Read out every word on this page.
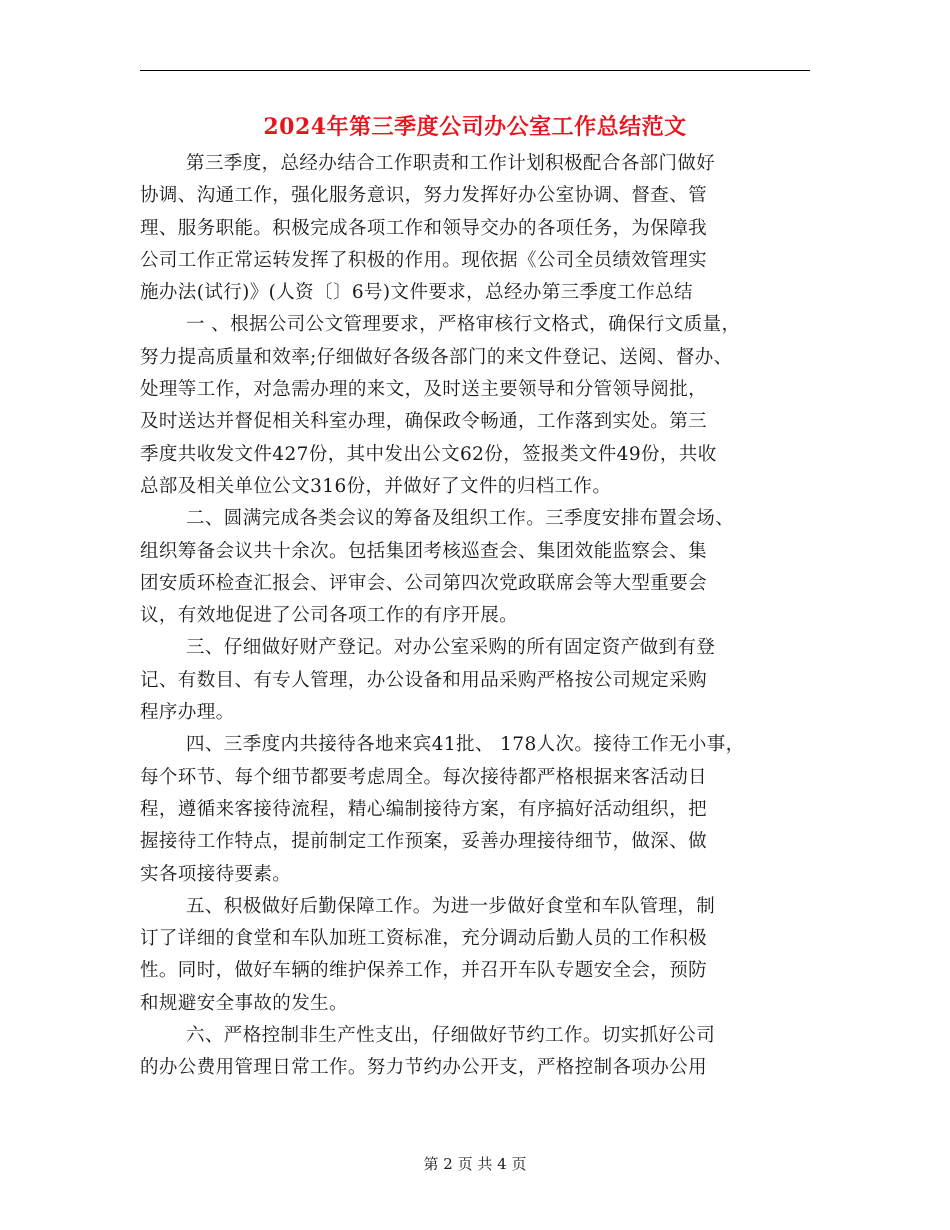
2024年第三季度公司办公室工作总结范文
第三季度，总经办结合工作职责和工作计划积极配合各部门做好
协调、沟通工作，强化服务意识，努力发挥好办公室协调、督查、管
理、服务职能。积极完成各项工作和领导交办的各项任务，为保障我
公司工作正常运转发挥了积极的作用。现依据《公司全员绩效管理实
施办法(试行)》(人资〔〕6号)文件要求，总经办第三季度工作总结
一 、根据公司公文管理要求，严格审核行文格式，确保行文质量，
努力提高质量和效率;仔细做好各级各部门的来文件登记、送阅、督办、
处理等工作，对急需办理的来文，及时送主要领导和分管领导阅批，
及时送达并督促相关科室办理，确保政令畅通，工作落到实处。第三
季度共收发文件427份，其中发出公文62份，签报类文件49份，共收
总部及相关单位公文316份，并做好了文件的归档工作。
二、圆满完成各类会议的筹备及组织工作。三季度安排布置会场、
组织筹备会议共十余次。包括集团考核巡查会、集团效能监察会、集
团安质环检查汇报会、评审会、公司第四次党政联席会等大型重要会
议，有效地促进了公司各项工作的有序开展。
三、仔细做好财产登记。对办公室采购的所有固定资产做到有登
记、有数目、有专人管理，办公设备和用品采购严格按公司规定采购
程序办理。
四、三季度内共接待各地来宾41批、 178人次。接待工作无小事，
每个环节、每个细节都要考虑周全。每次接待都严格根据来客活动日
程，遵循来客接待流程，精心编制接待方案，有序搞好活动组织，把
握接待工作特点，提前制定工作预案，妥善办理接待细节，做深、做
实各项接待要素。
五、积极做好后勤保障工作。为进一步做好食堂和车队管理，制
订了详细的食堂和车队加班工资标准，充分调动后勤人员的工作积极
性。同时，做好车辆的维护保养工作，并召开车队专题安全会，预防
和规避安全事故的发生。
六、严格控制非生产性支出，仔细做好节约工作。切实抓好公司
的办公费用管理日常工作。努力节约办公开支，严格控制各项办公用
第 2 页 共 4 页
